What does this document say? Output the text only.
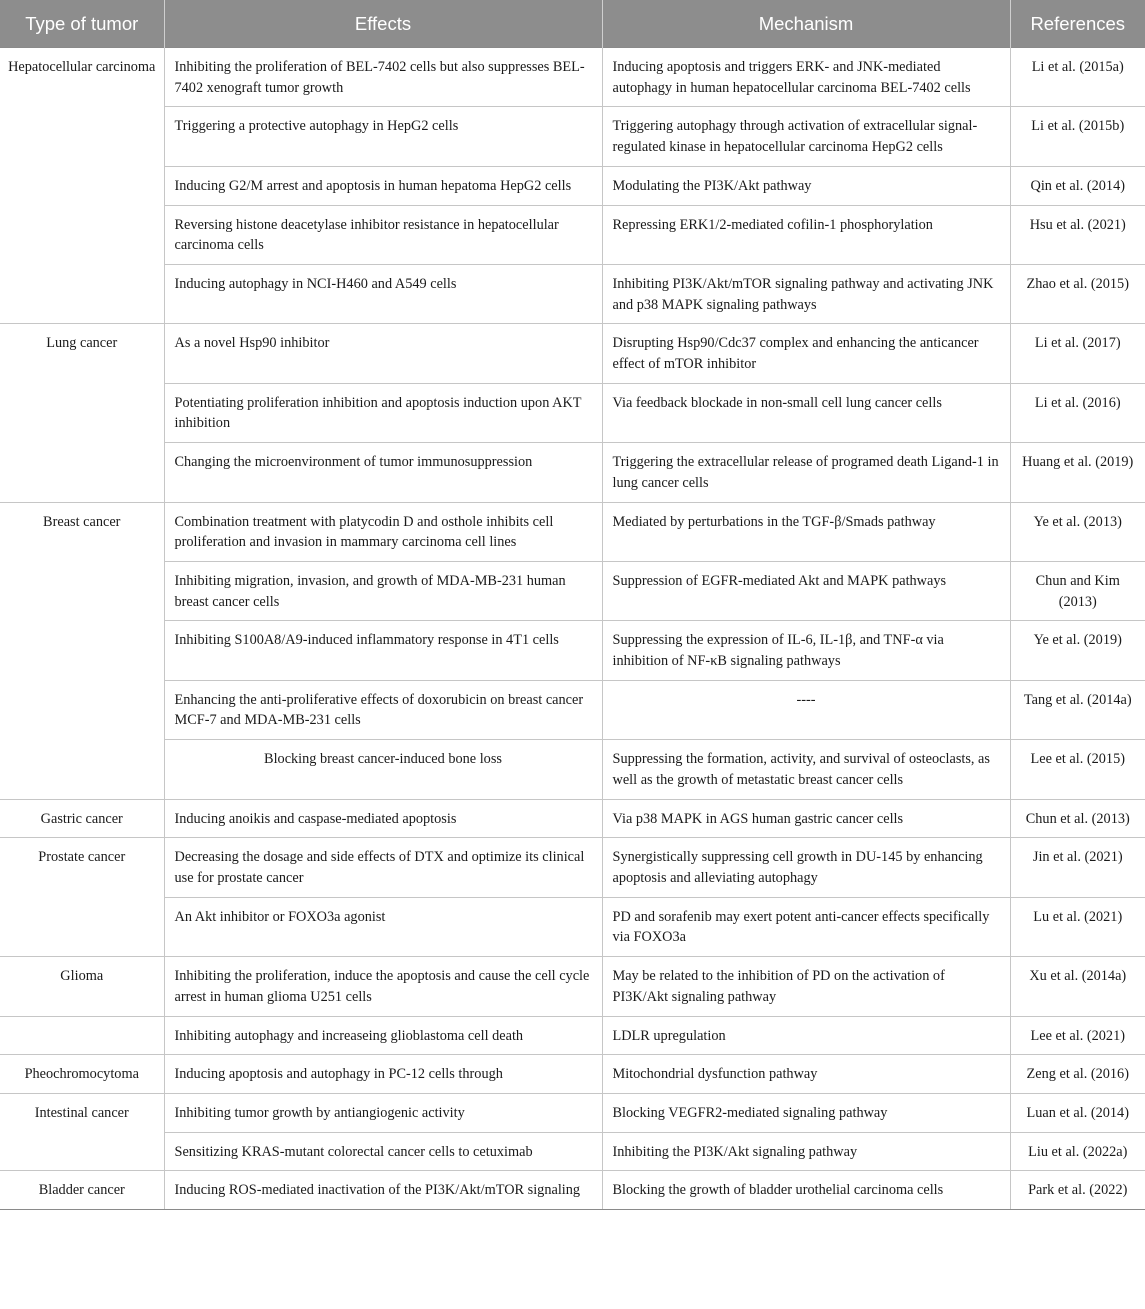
Type of tumor	Effects	Mechanism	References
Hepatocellular carcinoma	Inhibiting the proliferation of BEL-7402 cells but also suppresses BEL-7402 xenograft tumor growth	Inducing apoptosis and triggers ERK- and JNK-mediated autophagy in human hepatocellular carcinoma BEL-7402 cells	Li et al. (2015a)
	Triggering a protective autophagy in HepG2 cells	Triggering autophagy through activation of extracellular signal-regulated kinase in hepatocellular carcinoma HepG2 cells	Li et al. (2015b)
	Inducing G2/M arrest and apoptosis in human hepatoma HepG2 cells	Modulating the PI3K/Akt pathway	Qin et al. (2014)
	Reversing histone deacetylase inhibitor resistance in hepatocellular carcinoma cells	Repressing ERK1/2-mediated cofilin-1 phosphorylation	Hsu et al. (2021)
	Inducing autophagy in NCI-H460 and A549 cells	Inhibiting PI3K/Akt/mTOR signaling pathway and activating JNK and p38 MAPK signaling pathways	Zhao et al. (2015)
Lung cancer	As a novel Hsp90 inhibitor	Disrupting Hsp90/Cdc37 complex and enhancing the anticancer effect of mTOR inhibitor	Li et al. (2017)
	Potentiating proliferation inhibition and apoptosis induction upon AKT inhibition	Via feedback blockade in non-small cell lung cancer cells	Li et al. (2016)
	Changing the microenvironment of tumor immunosuppression	Triggering the extracellular release of programed death Ligand-1 in lung cancer cells	Huang et al. (2019)
Breast cancer	Combination treatment with platycodin D and osthole inhibits cell proliferation and invasion in mammary carcinoma cell lines	Mediated by perturbations in the TGF-β/Smads pathway	Ye et al. (2013)
	Inhibiting migration, invasion, and growth of MDA-MB-231 human breast cancer cells	Suppression of EGFR-mediated Akt and MAPK pathways	Chun and Kim (2013)
	Inhibiting S100A8/A9-induced inflammatory response in 4T1 cells	Suppressing the expression of IL-6, IL-1β, and TNF-α via inhibition of NF-κB signaling pathways	Ye et al. (2019)
	Enhancing the anti-proliferative effects of doxorubicin on breast cancer MCF-7 and MDA-MB-231 cells	----	Tang et al. (2014a)
	Blocking breast cancer-induced bone loss	Suppressing the formation, activity, and survival of osteoclasts, as well as the growth of metastatic breast cancer cells	Lee et al. (2015)
Gastric cancer	Inducing anoikis and caspase-mediated apoptosis	Via p38 MAPK in AGS human gastric cancer cells	Chun et al. (2013)
Prostate cancer	Decreasing the dosage and side effects of DTX and optimize its clinical use for prostate cancer	Synergistically suppressing cell growth in DU-145 by enhancing apoptosis and alleviating autophagy	Jin et al. (2021)
	An Akt inhibitor or FOXO3a agonist	PD and sorafenib may exert potent anti-cancer effects specifically via FOXO3a	Lu et al. (2021)
Glioma	Inhibiting the proliferation, induce the apoptosis and cause the cell cycle arrest in human glioma U251 cells	May be related to the inhibition of PD on the activation of PI3K/Akt signaling pathway	Xu et al. (2014a)
	Inhibiting autophagy and increaseing glioblastoma cell death	LDLR upregulation	Lee et al. (2021)
Pheochromocytoma	Inducing apoptosis and autophagy in PC-12 cells through	Mitochondrial dysfunction pathway	Zeng et al. (2016)
Intestinal cancer	Inhibiting tumor growth by antiangiogenic activity	Blocking VEGFR2-mediated signaling pathway	Luan et al. (2014)
	Sensitizing KRAS-mutant colorectal cancer cells to cetuximab	Inhibiting the PI3K/Akt signaling pathway	Liu et al. (2022a)
Bladder cancer	Inducing ROS-mediated inactivation of the PI3K/Akt/mTOR signaling	Blocking the growth of bladder urothelial carcinoma cells	Park et al. (2022)
